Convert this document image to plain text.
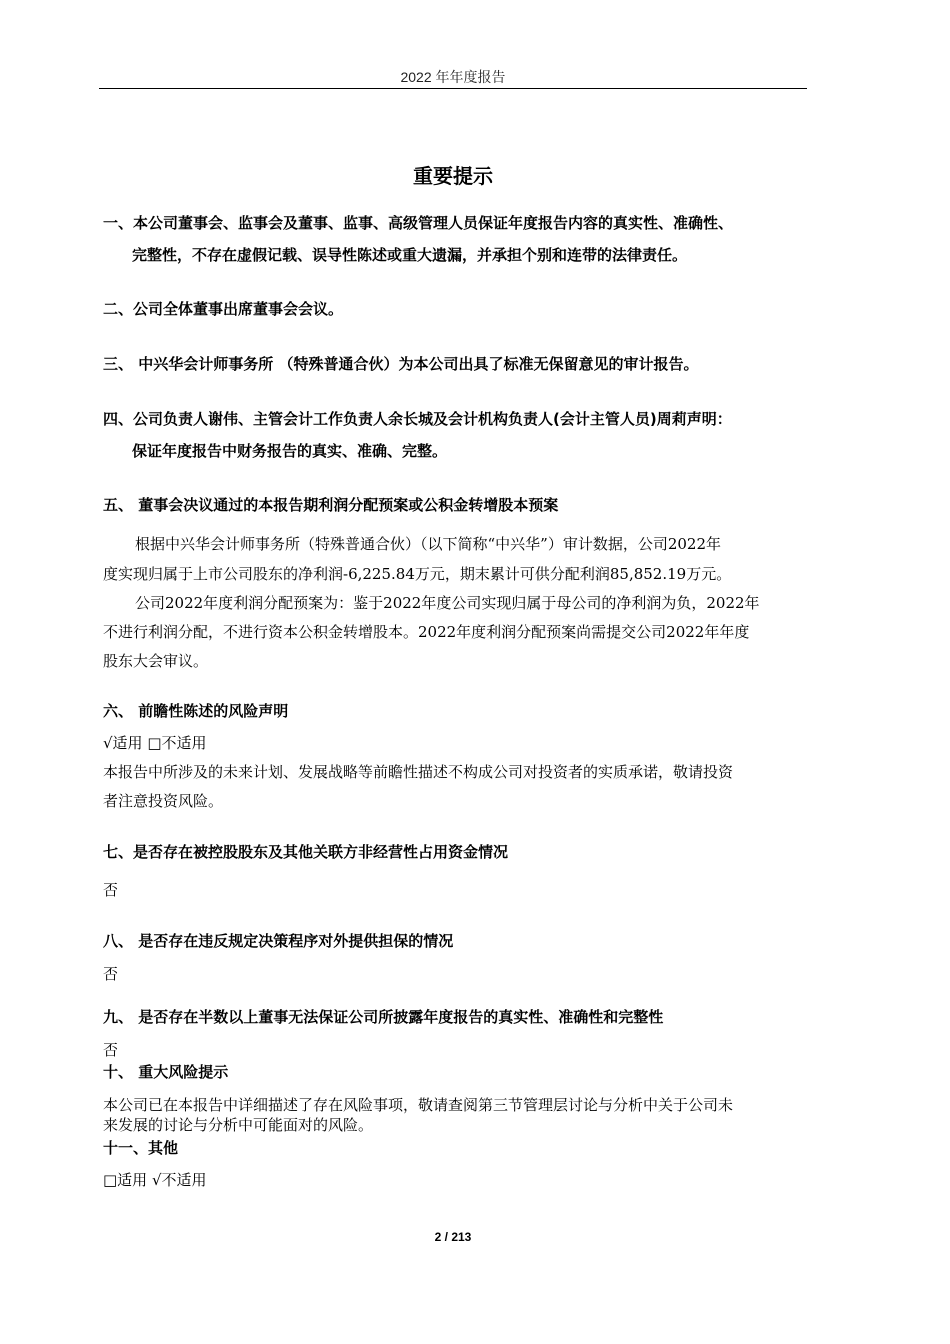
2022 年年度报告
重要提示
一、本公司董事会、监事会及董事、监事、高级管理人员保证年度报告内容的真实性、准确性、
完整性，不存在虚假记载、误导性陈述或重大遗漏，并承担个别和连带的法律责任。
二、公司全体董事出席董事会会议。
三、 中兴华会计师事务所 （特殊普通合伙）为本公司出具了标准无保留意见的审计报告。
四、公司负责人谢伟、主管会计工作负责人余长城及会计机构负责人(会计主管人员)周莉声明：
保证年度报告中财务报告的真实、准确、完整。
五、 董事会决议通过的本报告期利润分配预案或公积金转增股本预案
根据中兴华会计师事务所（特殊普通合伙）（以下简称“中兴华”）审计数据，公司2022年
度实现归属于上市公司股东的净利润-6,225.84万元，期末累计可供分配利润85,852.19万元。
公司2022年度利润分配预案为：鉴于2022年度公司实现归属于母公司的净利润为负，2022年
不进行利润分配，不进行资本公积金转增股本。2022年度利润分配预案尚需提交公司2022年年度
股东大会审议。
六、 前瞻性陈述的风险声明
√适用 □不适用
本报告中所涉及的未来计划、发展战略等前瞻性描述不构成公司对投资者的实质承诺，敬请投资
者注意投资风险。
七、是否存在被控股股东及其他关联方非经营性占用资金情况
否
八、 是否存在违反规定决策程序对外提供担保的情况
否
九、 是否存在半数以上董事无法保证公司所披露年度报告的真实性、准确性和完整性
否
十、 重大风险提示
本公司已在本报告中详细描述了存在风险事项，敬请查阅第三节管理层讨论与分析中关于公司未
来发展的讨论与分析中可能面对的风险。
十一、其他
□适用 √不适用
2 / 213
